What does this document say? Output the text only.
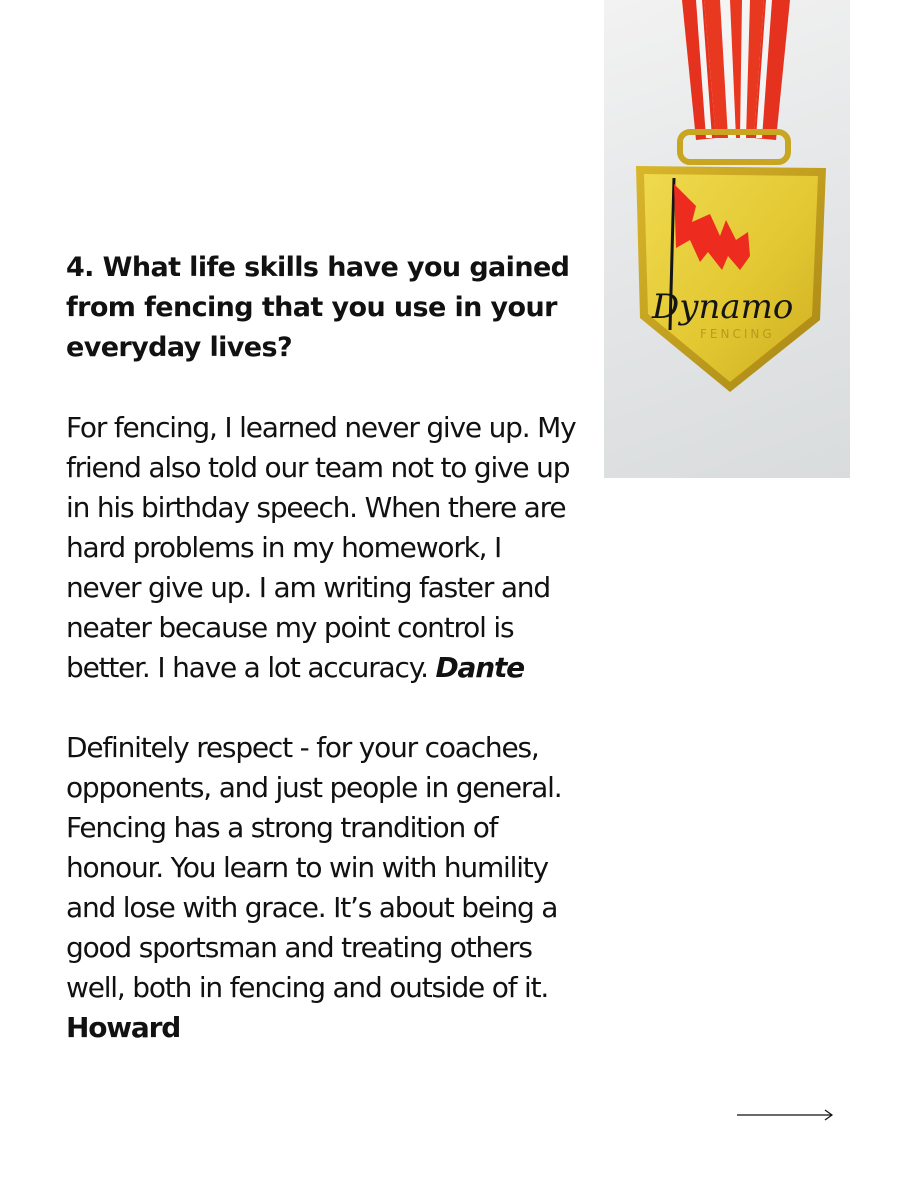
4. What life skills have you gained from fencing that you use in your everyday lives?

For fencing, I learned never give up. My friend also told our team not to give up in his birthday speech. When there are hard problems in my homework, I never give up. I am writing faster and neater because my point control is better. I have a lot accuracy. Dante

Definitely respect - for your coaches, opponents, and just people in general. Fencing has a strong trandition of honour. You learn to win with humility and lose with grace. It’s about being a good sportsman and treating others well, both in fencing and outside of it.
Howard

Dynamo
FENCING
